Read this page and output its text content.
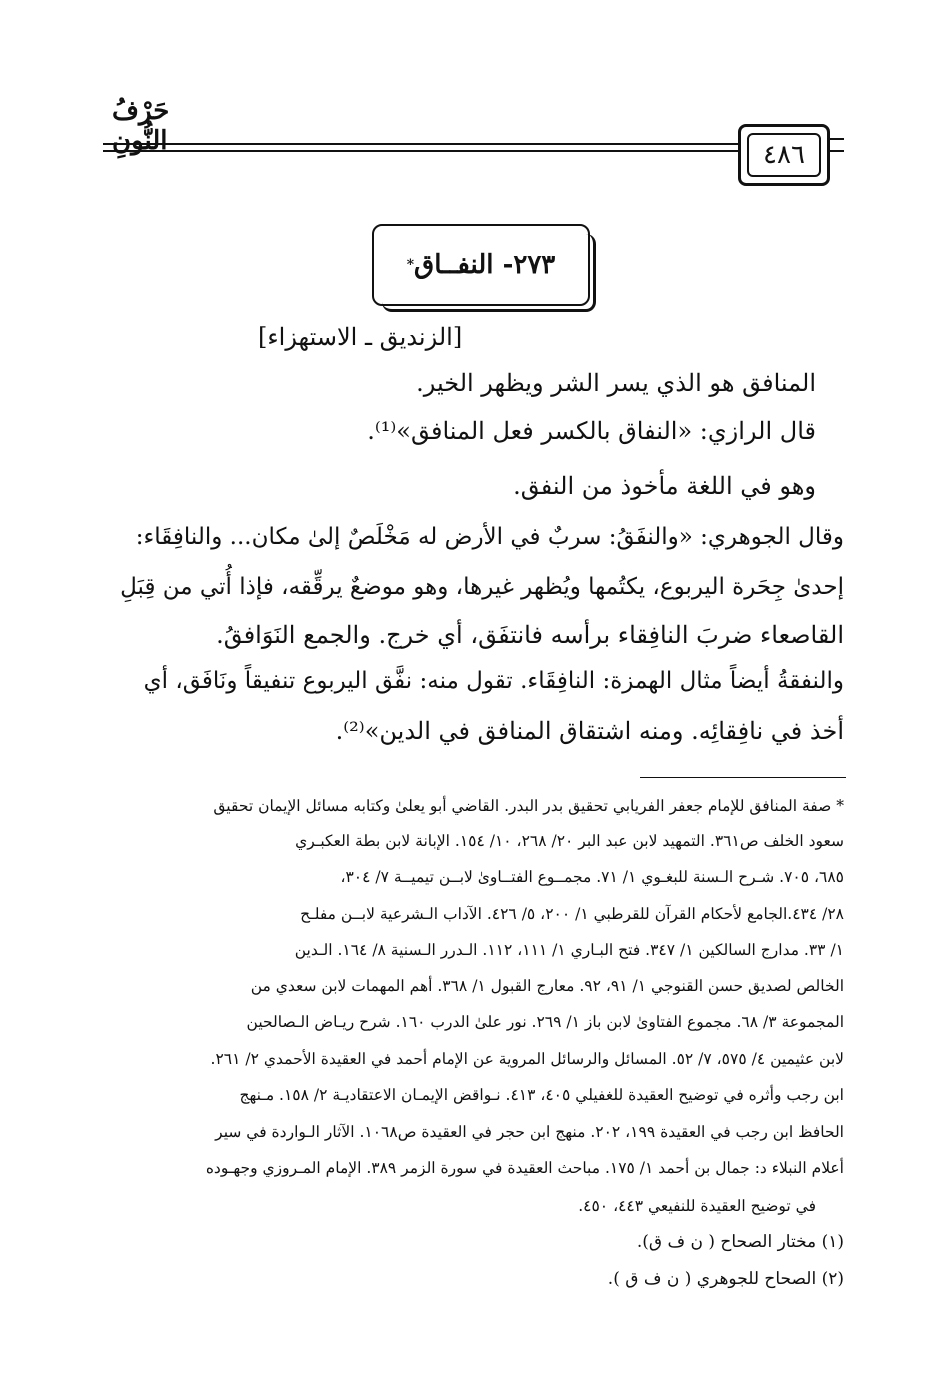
حَرْفُ النُّونِ	٤٨٦
٢٧٣- النفــاق
*
[الزنديق ـ الاستهزاء]
المنافق هو الذي يسر الشر ويظهر الخير.
قال الرازي: «النفاق بالكسر فعل المنافق»⁽¹⁾.
وهو في اللغة مأخوذ من النفق.
وقال الجوهري: «والنفَقُ: سربٌ في الأرض له مَخْلَصٌ إلىٰ مكان... والنافِقَاء:
إحدىٰ جِحَرة اليربوع، يكتُمها ويُظهر غيرها، وهو موضعٌ يرقِّقه، فإذا أُتي من قِبَلِ
القاصعاء ضربَ النافِقاء برأسه فانتفَق، أي خرج. والجمع النَوَافقُ.
والنفقةُ أيضاً مثال الهمزة: النافِقَاء. تقول منه: نفَّق اليربوع تنفيقاً ونَافَق، أي
أخذ في نافِقائِه. ومنه اشتقاق المنافق في الدين»⁽²⁾.
* صفة المنافق للإمام جعفر الفريابي تحقيق بدر البدر. القاضي أبو يعلىٰ وكتابه مسائل الإيمان تحقيق
سعود الخلف ص٣٦١. التمهيد لابن عبد البر ٢٠/ ٢٦٨، ١٠/ ١٥٤. الإبانة لابن بطة العكبـري
٦٨٥، ٧٠٥. شـرح الـسنة للبغـوي ١/ ٧١. مجمــوع الفتــاوىٰ لابــن تيميــة ٧/ ٣٠٤،
٢٨/ ٤٣٤.الجامع لأحكام القرآن للقرطبي ١/ ٢٠٠، ٥/ ٤٢٦. الآداب الـشرعية لابــن مفلـح
١/ ٣٣. مدارج السالكين ١/ ٣٤٧. فتح البـاري ١/ ١١١، ١١٢. الـدرر الـسنية ٨/ ١٦٤. الـدين
الخالص لصديق حسن القنوجي ١/ ٩١، ٩٢. معارج القبول ١/ ٣٦٨. أهم المهمات لابن سعدي من
المجموعة ٣/ ٦٨. مجموع الفتاوىٰ لابن باز ١/ ٢٦٩. نور علىٰ الدرب ١٦٠. شرح ريـاض الـصالحين
لابن عثيمين ٤/ ٥٧٥، ٧/ ٥٢. المسائل والرسائل المروية عن الإمام أحمد في العقيدة الأحمدي ٢/ ٢٦١.
ابن رجب وأثره في توضيح العقيدة للغفيلي ٤٠٥، ٤١٣. نـواقض الإيمـان الاعتقاديـة ٢/ ١٥٨. مـنهج
الحافظ ابن رجب في العقيدة ١٩٩، ٢٠٢. منهج ابن حجر في العقيدة ص١٠٦٨. الآثار الـواردة في سير
أعلام النبلاء د: جمال بن أحمد ١/ ١٧٥. مباحث العقيدة في سورة الزمر ٣٨٩. الإمام المـروزي وجهـوده
في توضيح العقيدة للنفيعي ٤٤٣، ٤٥٠.
(١) مختار الصحاح ( ن ف ق).
(٢) الصحاح للجوهري ( ن ف ق ).
